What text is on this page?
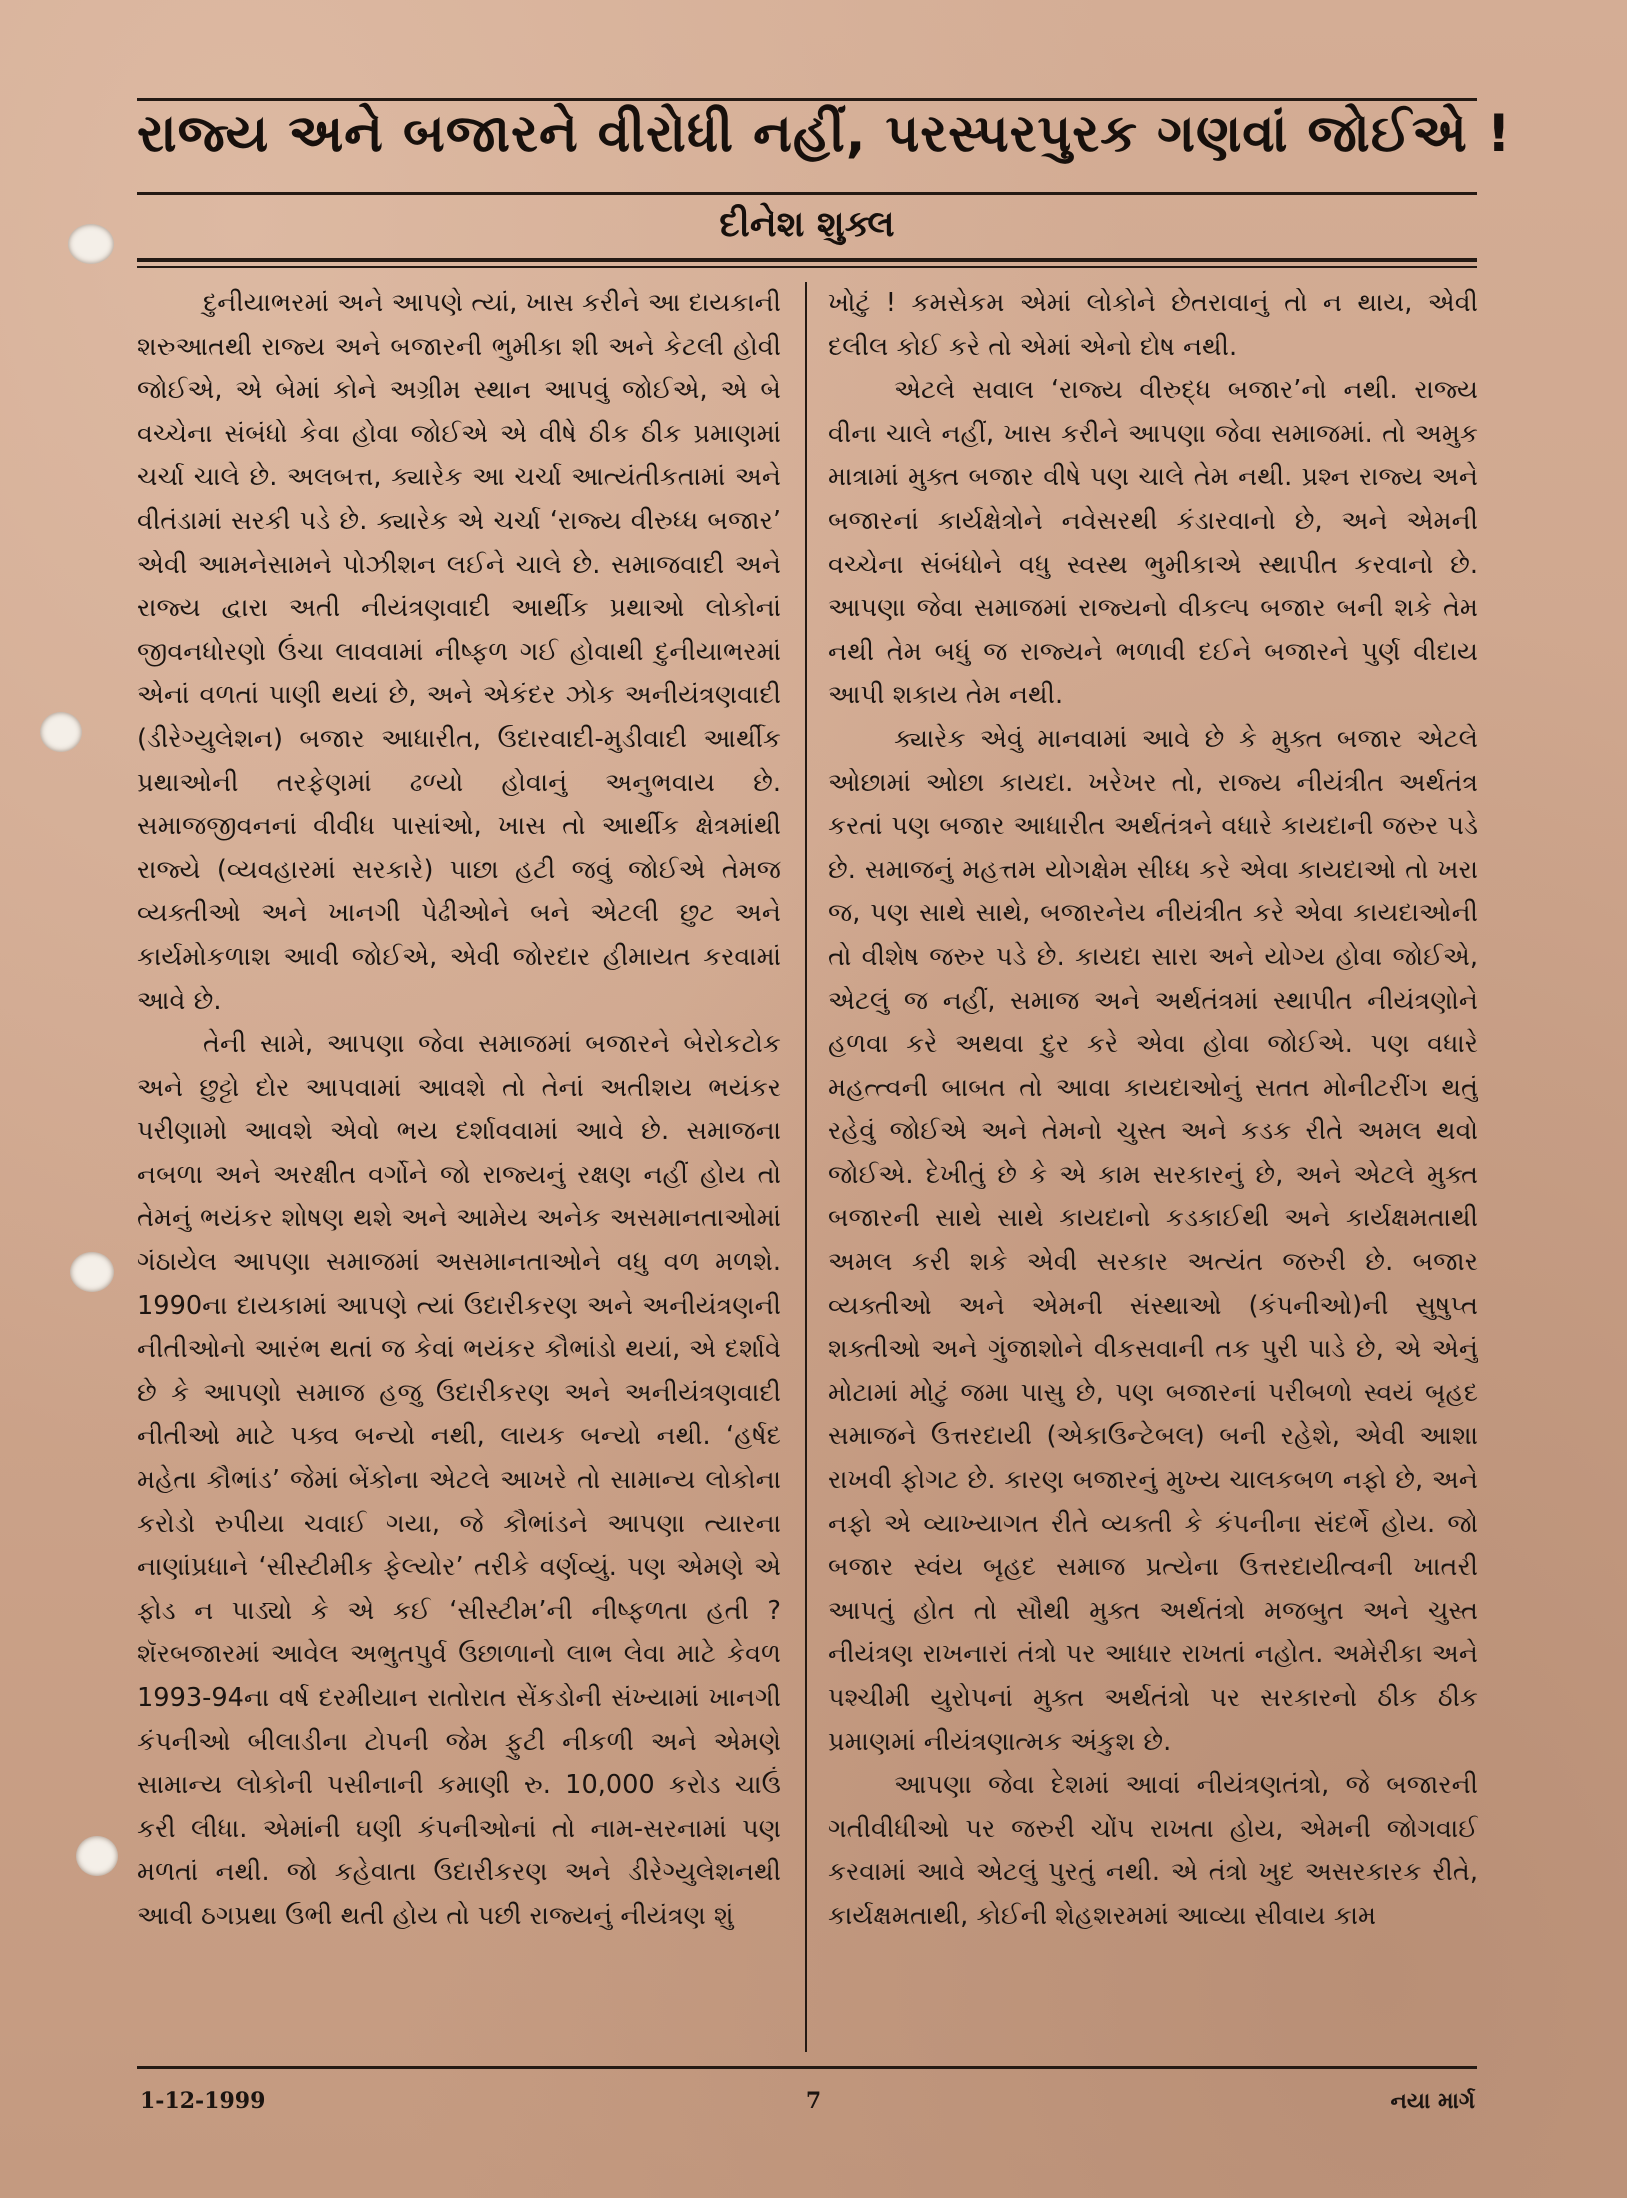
રાજ્ય અને બજારને વીરોધી નહીં, પરસ્પરપુરક ગણવાં જોઈએ !
દીનેશ શુક્લ

દુનીયાભરમાં અને આપણે ત્યાં, ખાસ કરીને આ દાયકાની શરુઆતથી રાજ્ય અને બજારની ભુમીકા શી અને કેટલી હોવી જોઈએ, એ બેમાં કોને અગ્રીમ સ્થાન આપવું જોઈએ, એ બે વચ્ચેના સંબંધો કેવા હોવા જોઈએ એ વીષે ઠીક ઠીક પ્રમાણમાં ચર્ચા ચાલે છે. અલબત્ત, ક્યારેક આ ચર્ચા આત્યંતીકતામાં અને વીતંડામાં સરકી પડે છે. ક્યારેક એ ચર્ચા ‘રાજ્ય વીરુધ્ધ બજાર’ એવી આમનેસામને પોઝીશન લઈને ચાલે છે. સમાજવાદી અને રાજ્ય દ્વારા અતી નીયંત્રણવાદી આર્થીક પ્રથાઓ લોકોનાં જીવનધોરણો ઉંચા લાવવામાં નીષ્ફળ ગઈ હોવાથી દુનીયાભરમાં એનાં વળતાં પાણી થયાં છે, અને એકંદર ઝોક અનીયંત્રણવાદી (ડીરેગ્યુલેશન) બજાર આધારીત, ઉદારવાદી-મુડીવાદી આર્થીક પ્રથાઓની તરફેણમાં ઢળ્યો હોવાનું અનુભવાય છે. સમાજજીવનનાં વીવીધ પાસાંઓ, ખાસ તો આર્થીક ક્ષેત્રમાંથી રાજ્યે (વ્યવહારમાં સરકારે) પાછા હટી જવું જોઈએ તેમજ વ્યક્તીઓ અને ખાનગી પેઢીઓને બને એટલી છુટ અને કાર્યમોકળાશ આવી જોઈએ, એવી જોરદાર હીમાયત કરવામાં આવે છે.

તેની સામે, આપણા જેવા સમાજમાં બજારને બેરોકટોક અને છુટ્ટો દોર આપવામાં આવશે તો તેનાં અતીશય ભયંકર પરીણામો આવશે એવો ભય દર્શાવવામાં આવે છે. સમાજના નબળા અને અરક્ષીત વર્ગોને જો રાજ્યનું રક્ષણ નહીં હોય તો તેમનું ભયંકર શોષણ થશે અને આમેય અનેક અસમાનતાઓમાં ગંઠાયેલ આપણા સમાજમાં અસમાનતાઓને વધુ વળ મળશે. 1990ના દાયકામાં આપણે ત્યાં ઉદારીકરણ અને અનીયંત્રણની નીતીઓનો આરંભ થતાં જ કેવાં ભયંકર કૌભાંડો થયાં, એ દર્શાવે છે કે આપણો સમાજ હજુ ઉદારીકરણ અને અનીયંત્રણવાદી નીતીઓ માટે પક્વ બન્યો નથી, લાયક બન્યો નથી. ‘હર્ષદ મહેતા કૌભાંડ’ જેમાં બેંકોના એટલે આખરે તો સામાન્ય લોકોના કરોડો રુપીયા ચવાઈ ગયા, જે કૌભાંડને આપણા ત્યારના નાણાંપ્રધાને ‘સીસ્ટીમીક ફેલ્યોર’ તરીકે વર્ણવ્યું. પણ એમણે એ ફોડ ન પાડ્યો કે એ કઈ ‘સીસ્ટીમ’ની નીષ્ફળતા હતી ? શૅરબજારમાં આવેલ અભુતપુર્વ ઉછાળાનો લાભ લેવા માટે કેવળ 1993-94ના વર્ષ દરમીયાન રાતોરાત સેંકડોની સંખ્યામાં ખાનગી કંપનીઓ બીલાડીના ટોપની જેમ ફુટી નીકળી અને એમણે સામાન્ય લોકોની પસીનાની કમાણી રુ. 10,000 કરોડ ચાઉં કરી લીધા. એમાંની ઘણી કંપનીઓનાં તો નામ-સરનામાં પણ મળતાં નથી. જો કહેવાતા ઉદારીકરણ અને ડીરેગ્યુલેશનથી આવી ઠગપ્રથા ઉભી થતી હોય તો પછી રાજ્યનું નીયંત્રણ શું

ખોટું ! કમસેકમ એમાં લોકોને છેતરાવાનું તો ન થાય, એવી દલીલ કોઈ કરે તો એમાં એનો દોષ નથી.

એટલે સવાલ ‘રાજ્ય વીરુદ્ધ બજાર’નો નથી. રાજ્ય વીના ચાલે નહીં, ખાસ કરીને આપણા જેવા સમાજમાં. તો અમુક માત્રામાં મુક્ત બજાર વીષે પણ ચાલે તેમ નથી. પ્રશ્ન રાજ્ય અને બજારનાં કાર્યક્ષેત્રોને નવેસરથી કંડારવાનો છે, અને એમની વચ્ચેના સંબંધોને વધુ સ્વસ્થ ભુમીકાએ સ્થાપીત કરવાનો છે. આપણા જેવા સમાજમાં રાજ્યનો વીકલ્પ બજાર બની શકે તેમ નથી તેમ બધું જ રાજ્યને ભળાવી દઈને બજારને પુર્ણ વીદાય આપી શકાય તેમ નથી.

ક્યારેક એવું માનવામાં આવે છે કે મુક્ત બજાર એટલે ઓછામાં ઓછા કાયદા. ખરેખર તો, રાજ્ય નીયંત્રીત અર્થતંત્ર કરતાં પણ બજાર આધારીત અર્થતંત્રને વધારે કાયદાની જરુર પડે છે. સમાજનું મહત્તમ યોગક્ષેમ સીધ્ધ કરે એવા કાયદાઓ તો ખરા જ, પણ સાથે સાથે, બજારનેય નીયંત્રીત કરે એવા કાયદાઓની તો વીશેષ જરુર પડે છે. કાયદા સારા અને યોગ્ય હોવા જોઈએ, એટલું જ નહીં, સમાજ અને અર્થતંત્રમાં સ્થાપીત નીયંત્રણોને હળવા કરે અથવા દુર કરે એવા હોવા જોઈએ. પણ વધારે મહત્ત્વની બાબત તો આવા કાયદાઓનું સતત મોનીટરીંગ થતું રહેવું જોઈએ અને તેમનો ચુસ્ત અને કડક રીતે અમલ થવો જોઈએ. દેખીતું છે કે એ કામ સરકારનું છે, અને એટલે મુક્ત બજારની સાથે સાથે કાયદાનો કડકાઈથી અને કાર્યક્ષમતાથી અમલ કરી શકે એવી સરકાર અત્યંત જરુરી છે. બજાર વ્યક્તીઓ અને એમની સંસ્થાઓ (કંપનીઓ)ની સુષુપ્ત શક્તીઓ અને ગુંજાશોને વીકસવાની તક પુરી પાડે છે, એ એનું મોટામાં મોટું જમા પાસુ છે, પણ બજારનાં પરીબળો સ્વયં બૃહદ સમાજને ઉત્તરદાયી (એકાઉન્ટેબલ) બની રહેશે, એવી આશા રાખવી ફોગટ છે. કારણ બજારનું મુખ્ય ચાલકબળ નફો છે, અને નફો એ વ્યાખ્યાગત રીતે વ્યક્તી કે કંપનીના સંદર્ભે હોય. જો બજાર સ્વંય બૃહદ સમાજ પ્રત્યેના ઉત્તરદાયીત્વની ખાતરી આપતું હોત તો સૌથી મુક્ત અર્થતંત્રો મજબુત અને ચુસ્ત નીયંત્રણ રાખનારાં તંત્રો પર આધાર રાખતાં નહોત. અમેરીકા અને પશ્ચીમી યુરોપનાં મુક્ત અર્થતંત્રો પર સરકારનો ઠીક ઠીક પ્રમાણમાં નીયંત્રણાત્મક અંકુશ છે.

આપણા જેવા દેશમાં આવાં નીયંત્રણતંત્રો, જે બજારની ગતીવીધીઓ પર જરુરી ચોંપ રાખતા હોય, એમની જોગવાઈ કરવામાં આવે એટલું પુરતું નથી. એ તંત્રો ખુદ અસરકારક રીતે, કાર્યક્ષમતાથી, કોઈની શેહશરમમાં આવ્યા સીવાય કામ

1-12-1999	7	નયા માર્ગ
